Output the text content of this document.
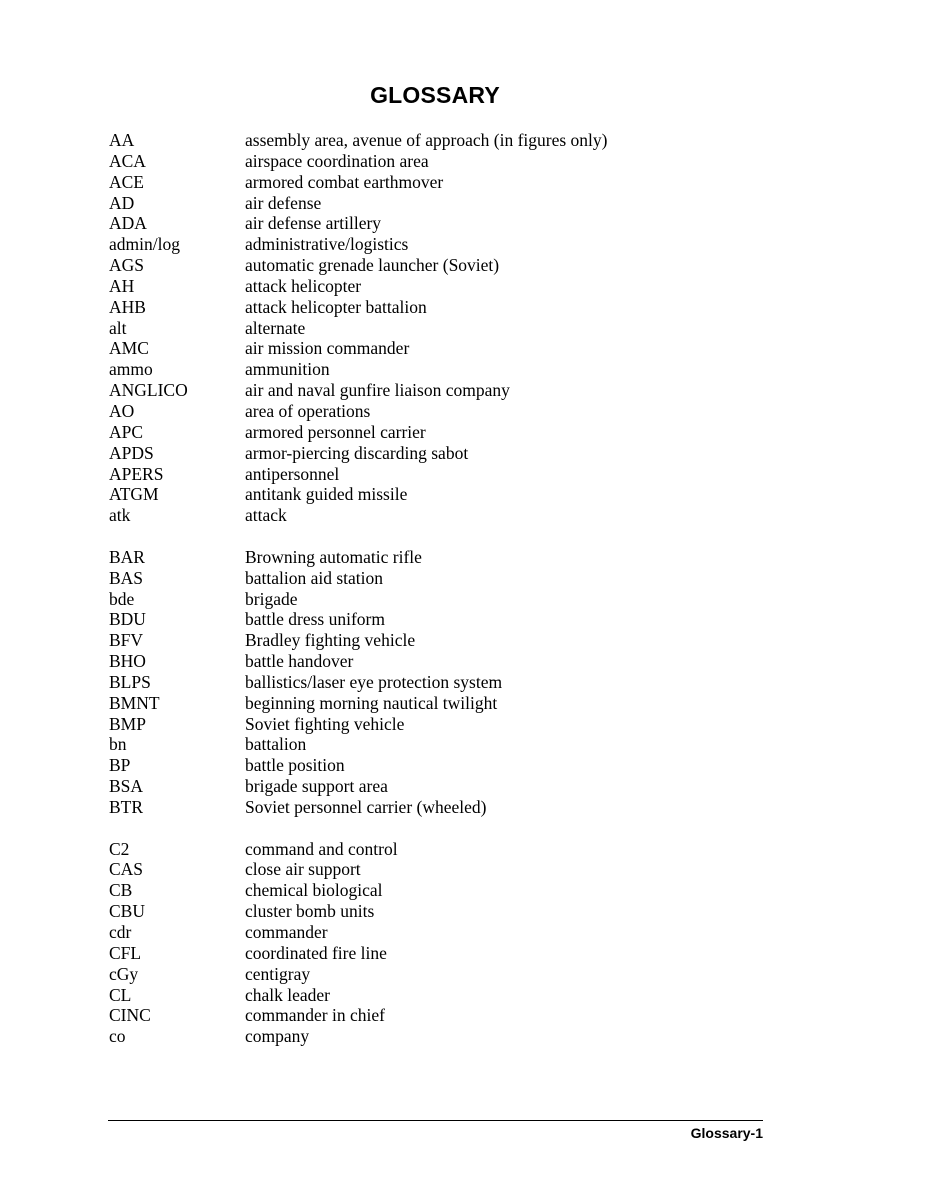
GLOSSARY
AA	assembly area, avenue of approach (in figures only)
ACA	airspace coordination area
ACE	armored combat earthmover
AD	air defense
ADA	air defense artillery
admin/log	administrative/logistics
AGS	automatic grenade launcher (Soviet)
AH	attack helicopter
AHB	attack helicopter battalion
alt	alternate
AMC	air mission commander
ammo	ammunition
ANGLICO	air and naval gunfire liaison company
AO	area of operations
APC	armored personnel carrier
APDS	armor-piercing discarding sabot
APERS	antipersonnel
ATGM	antitank guided missile
atk	attack
BAR	Browning automatic rifle
BAS	battalion aid station
bde	brigade
BDU	battle dress uniform
BFV	Bradley fighting vehicle
BHO	battle handover
BLPS	ballistics/laser eye protection system
BMNT	beginning morning nautical twilight
BMP	Soviet fighting vehicle
bn	battalion
BP	battle position
BSA	brigade support area
BTR	Soviet personnel carrier (wheeled)
C2	command and control
CAS	close air support
CB	chemical biological
CBU	cluster bomb units
cdr	commander
CFL	coordinated fire line
cGy	centigray
CL	chalk leader
CINC	commander in chief
co	company
Glossary-1
